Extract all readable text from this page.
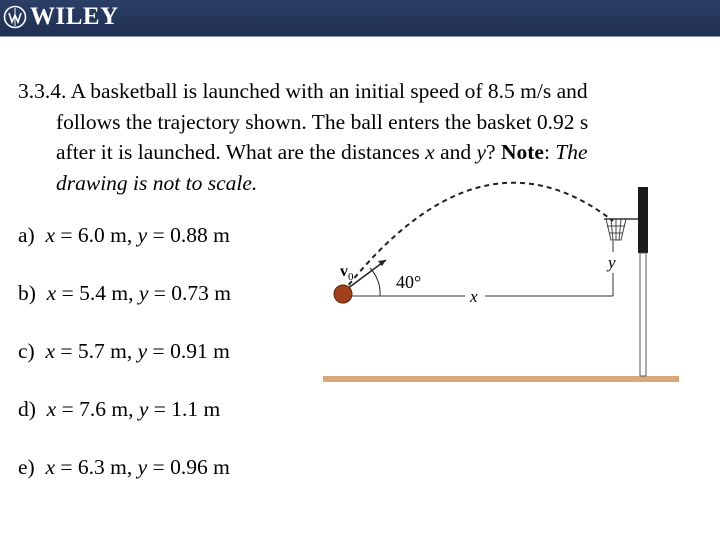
WILEY
3.3.4. A basketball is launched with an initial speed of 8.5 m/s and
follows the trajectory shown. The ball enters the basket 0.92 s
after it is launched. What are the distances x and y? Note: The
drawing is not to scale.
a) x = 6.0 m, y = 0.88 m
b) x = 5.4 m, y = 0.73 m
c) x = 5.7 m, y = 0.91 m
d) x = 7.6 m, y = 1.1 m
e) x = 6.3 m, y = 0.96 m
$v_0$ 40°
x
y
